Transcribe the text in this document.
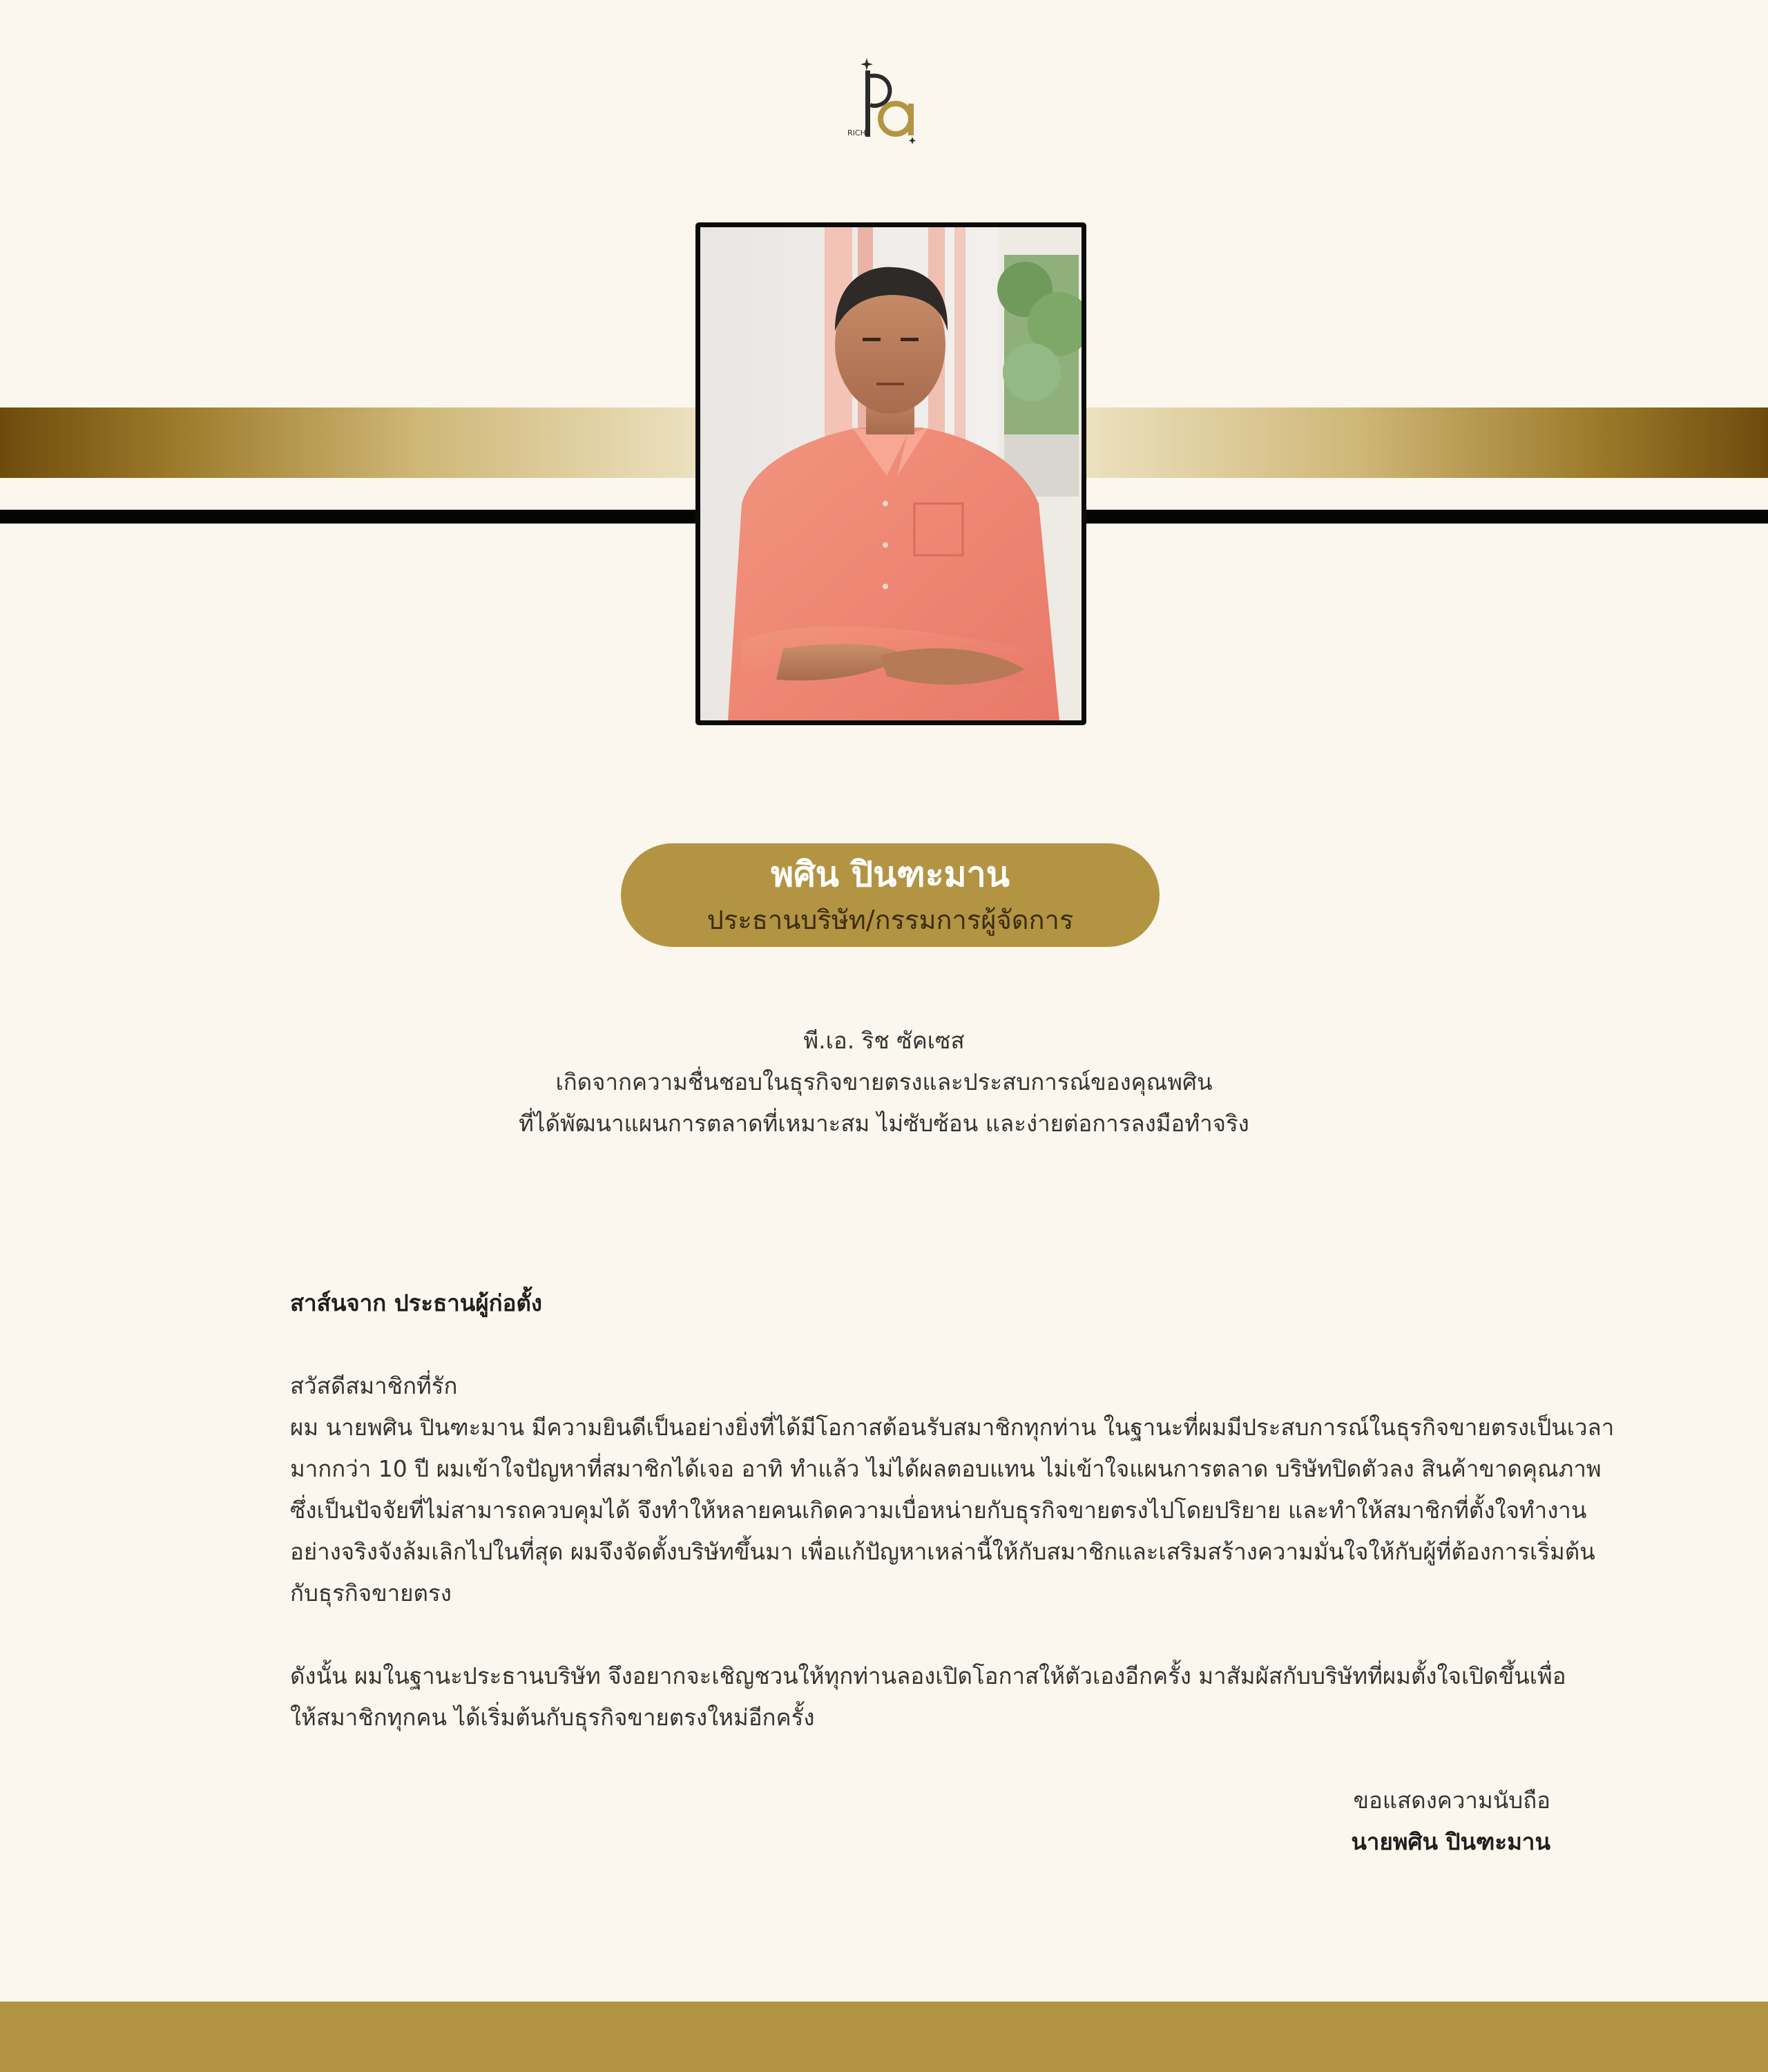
RICH
พศิน ปินฑะมาน
ประธานบริษัท/กรรมการผู้จัดการ
พี.เอ. ริช ซัคเซส
เกิดจากความชื่นชอบในธุรกิจขายตรงและประสบการณ์ของคุณพศิน
ที่ได้พัฒนาแผนการตลาดที่เหมาะสม ไม่ซับซ้อน และง่ายต่อการลงมือทำจริง
สาส์นจาก ประธานผู้ก่อตั้ง
สวัสดีสมาชิกที่รัก
ผม นายพศิน ปินฑะมาน มีความยินดีเป็นอย่างยิ่งที่ได้มีโอกาสต้อนรับสมาชิกทุกท่าน ในฐานะที่ผมมีประสบการณ์ในธุรกิจขายตรงเป็นเวลา
มากกว่า 10 ปี ผมเข้าใจปัญหาที่สมาชิกได้เจอ อาทิ ทำแล้ว ไม่ได้ผลตอบแทน ไม่เข้าใจแผนการตลาด บริษัทปิดตัวลง สินค้าขาดคุณภาพ
ซึ่งเป็นปัจจัยที่ไม่สามารถควบคุมได้ จึงทำให้หลายคนเกิดความเบื่อหน่ายกับธุรกิจขายตรงไปโดยปริยาย และทำให้สมาชิกที่ตั้งใจทำงาน
อย่างจริงจังล้มเลิกไปในที่สุด ผมจึงจัดตั้งบริษัทขึ้นมา เพื่อแก้ปัญหาเหล่านี้ให้กับสมาชิกและเสริมสร้างความมั่นใจให้กับผู้ที่ต้องการเริ่มต้น
กับธุรกิจขายตรง
ดังนั้น ผมในฐานะประธานบริษัท จึงอยากจะเชิญชวนให้ทุกท่านลองเปิดโอกาสให้ตัวเองอีกครั้ง มาสัมผัสกับบริษัทที่ผมตั้งใจเปิดขึ้นเพื่อ
ให้สมาชิกทุกคน ได้เริ่มต้นกับธุรกิจขายตรงใหม่อีกครั้ง
ขอแสดงความนับถือ
นายพศิน ปินฑะมาน
